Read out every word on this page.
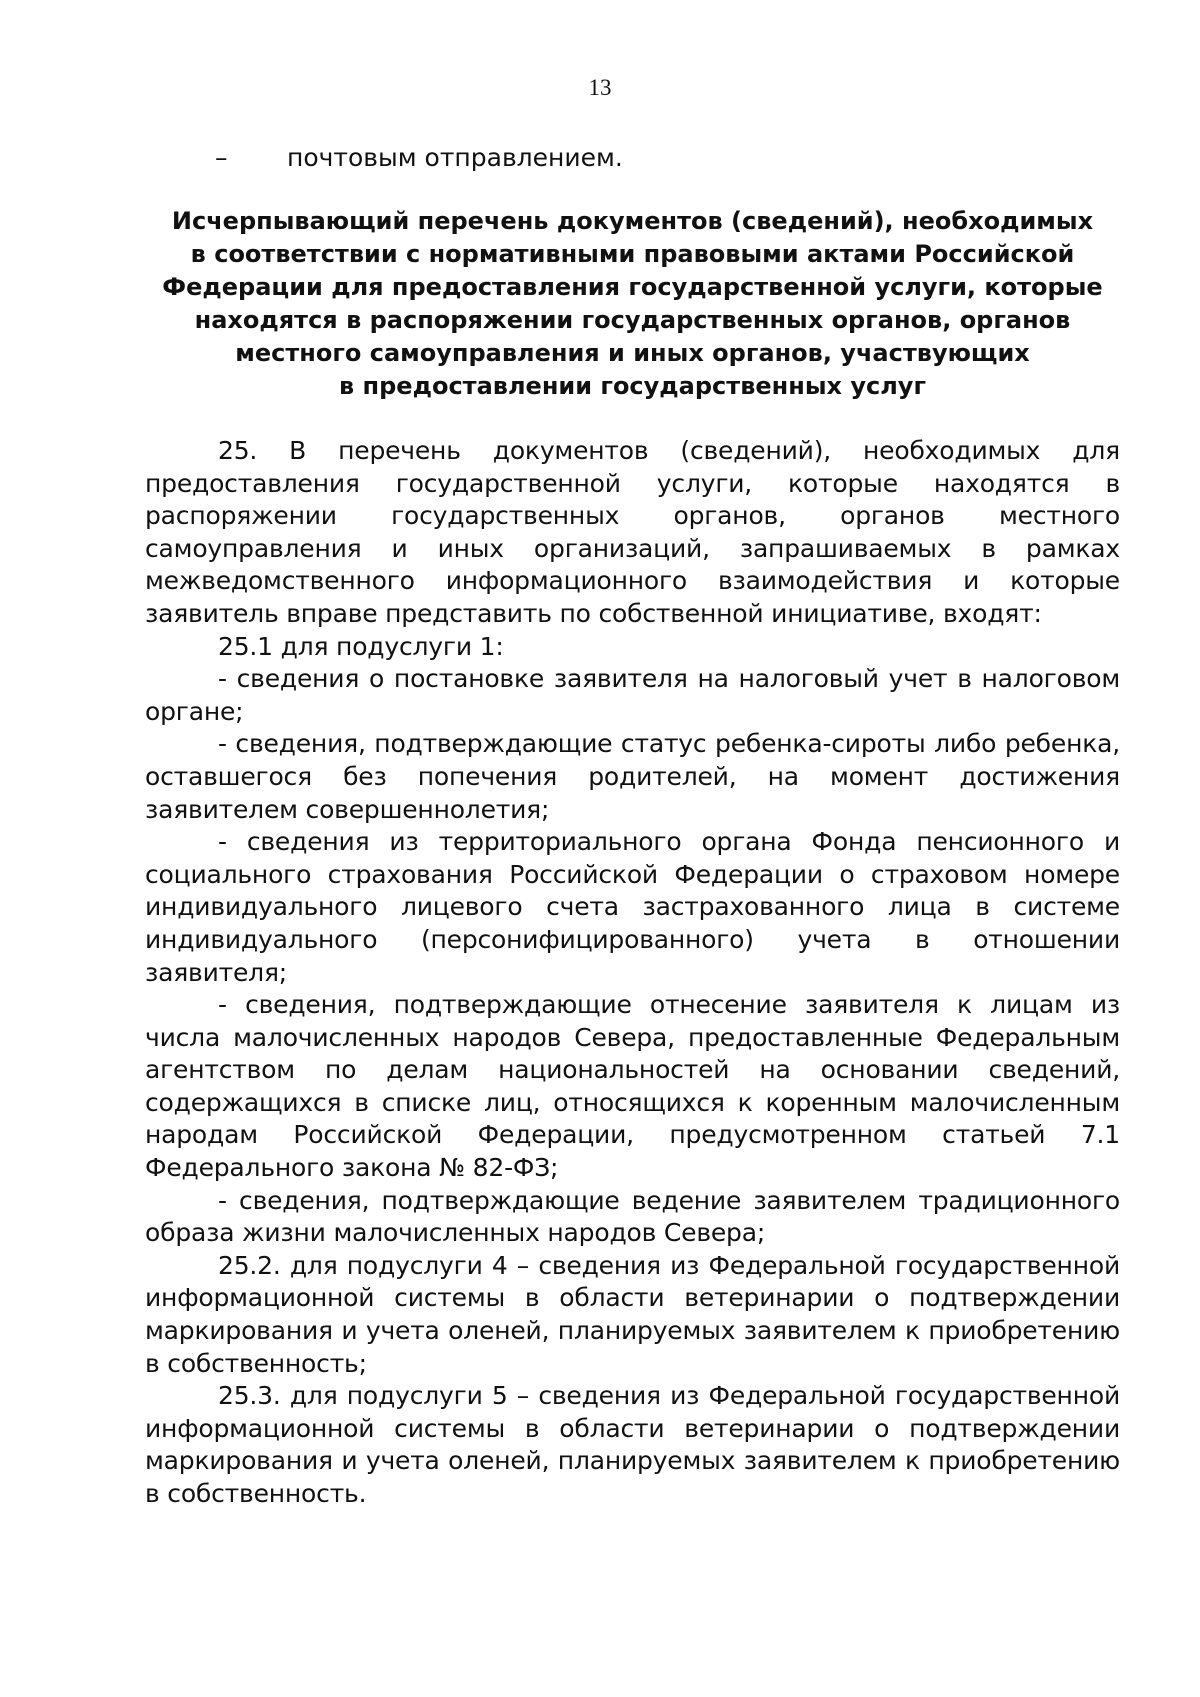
13
– почтовым отправлением.
Исчерпывающий перечень документов (сведений), необходимых
в соответствии с нормативными правовыми актами Российской
Федерации для предоставления государственной услуги, которые
находятся в распоряжении государственных органов, органов
местного самоуправления и иных органов, участвующих
в предоставлении государственных услуг

25. В перечень документов (сведений), необходимых для предоставления государственной услуги, которые находятся в распоряжении государственных органов, органов местного самоуправления и иных организаций, запрашиваемых в рамках межведомственного информационного взаимодействия и которые заявитель вправе представить по собственной инициативе, входят:

25.1 для подуслуги 1:

- сведения о постановке заявителя на налоговый учет в налоговом органе;

- сведения, подтверждающие статус ребенка-сироты либо ребенка, оставшегося без попечения родителей, на момент достижения заявителем совершеннолетия;

- сведения из территориального органа Фонда пенсионного и социального страхования Российской Федерации о страховом номере индивидуального лицевого счета застрахованного лица в системе индивидуального (персонифицированного) учета в отношении заявителя;

- сведения, подтверждающие отнесение заявителя к лицам из числа малочисленных народов Севера, предоставленные Федеральным агентством по делам национальностей на основании сведений, содержащихся в списке лиц, относящихся к коренным малочисленным народам Российской Федерации, предусмотренном статьей 7.1 Федерального закона № 82-ФЗ;

- сведения, подтверждающие ведение заявителем традиционного образа жизни малочисленных народов Севера;

25.2. для подуслуги 4 – сведения из Федеральной государственной информационной системы в области ветеринарии о подтверждении маркирования и учета оленей, планируемых заявителем к приобретению в собственность;

25.3. для подуслуги 5 – сведения из Федеральной государственной информационной системы в области ветеринарии о подтверждении маркирования и учета оленей, планируемых заявителем к приобретению в собственность.
